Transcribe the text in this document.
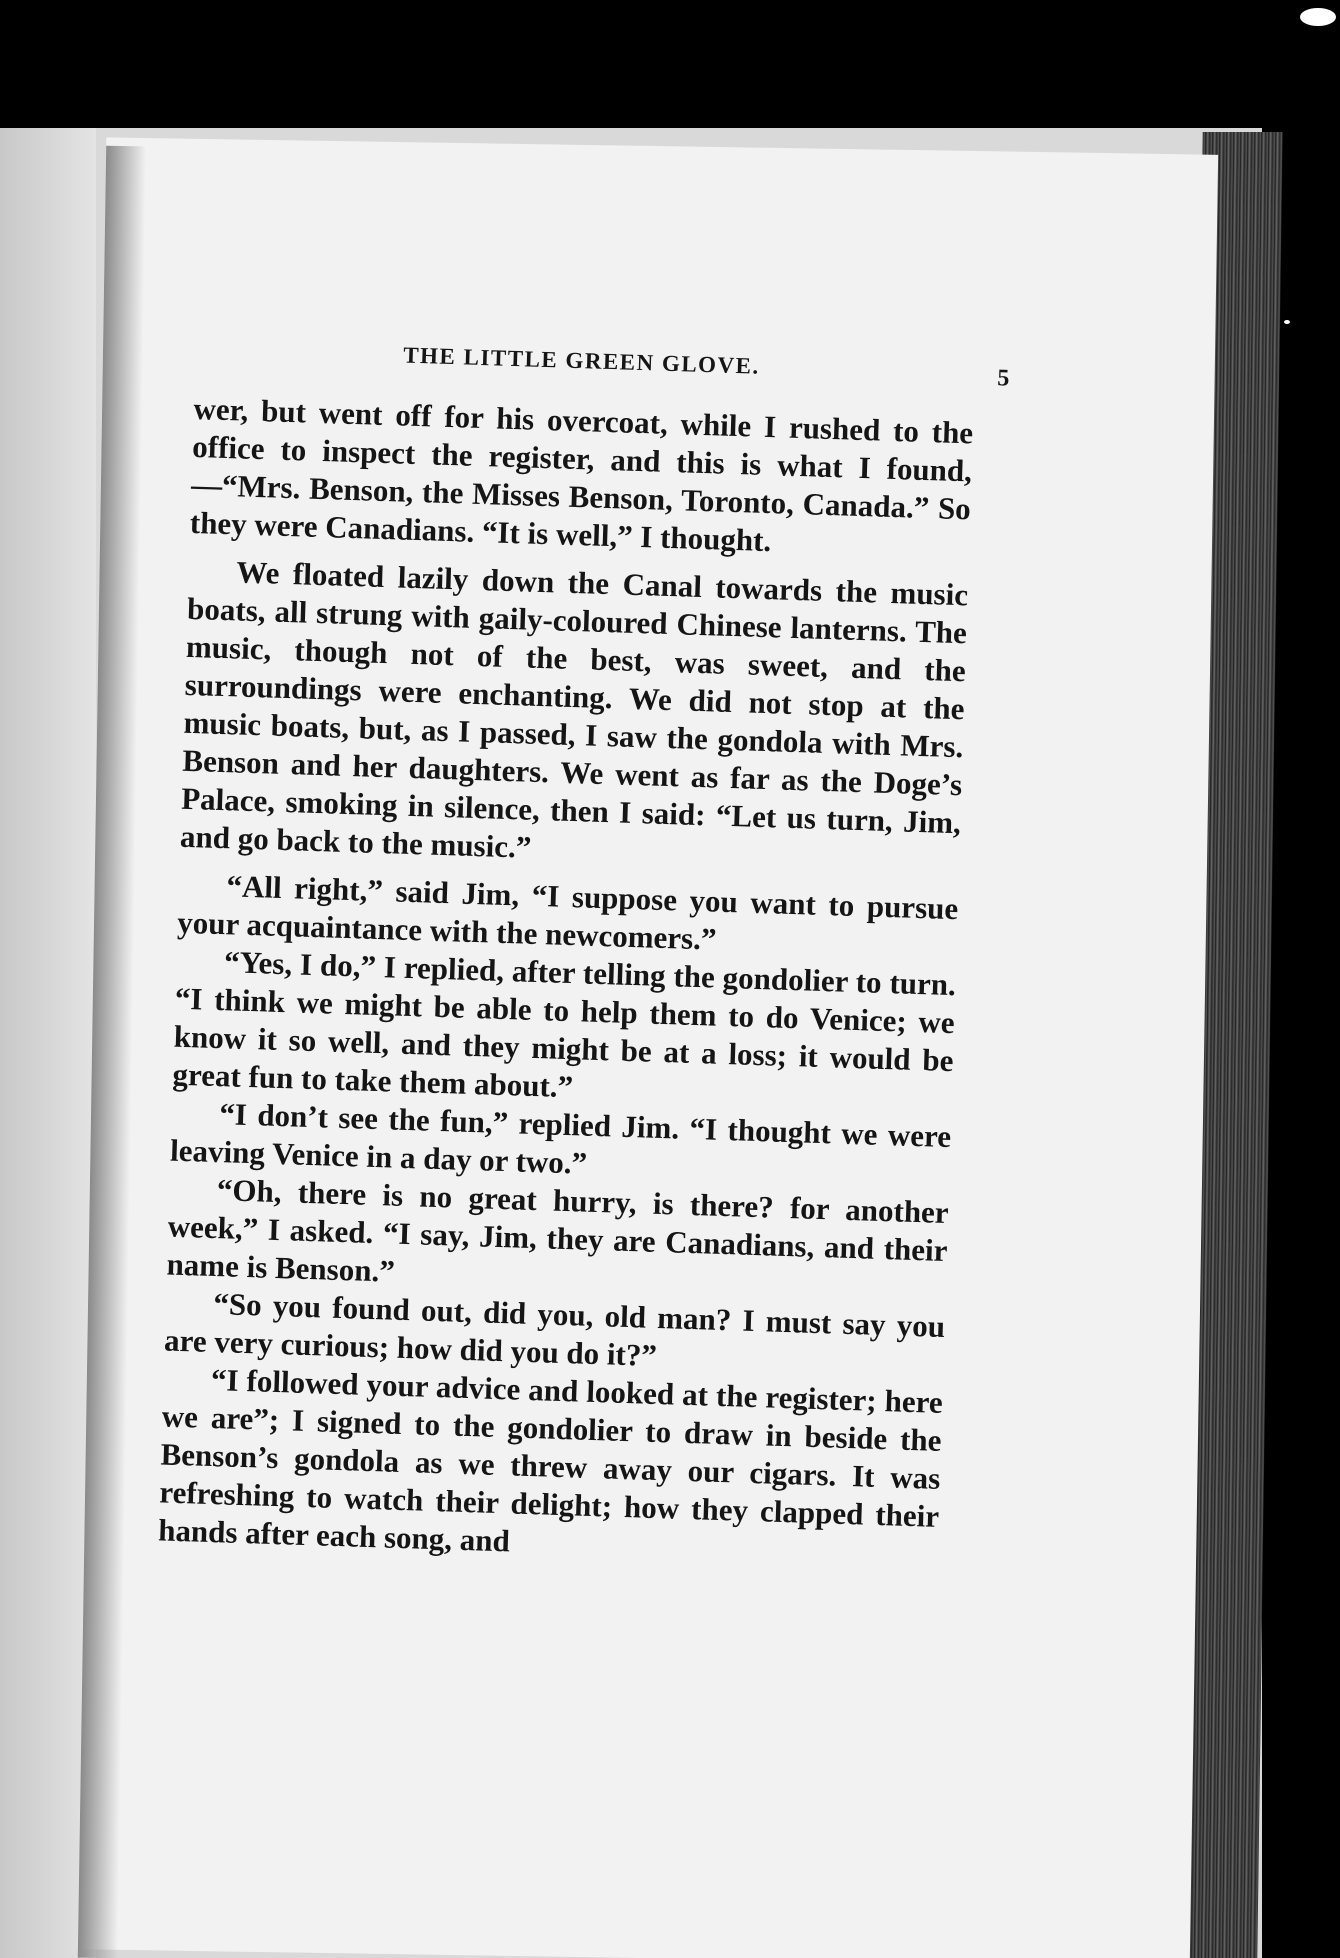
THE LITTLE GREEN GLOVE.	5

wer, but went off for his overcoat, while I rushed to the office to inspect the register, and this is what I found,—“Mrs. Benson, the Misses Benson, Toronto, Canada.” So they were Canadians. “It is well,” I thought.

We floated lazily down the Canal towards the music boats, all strung with gaily-coloured Chinese lanterns. The music, though not of the best, was sweet, and the surroundings were enchanting. We did not stop at the music boats, but, as I passed, I saw the gondola with Mrs. Benson and her daughters. We went as far as the Doge’s Palace, smoking in silence, then I said: “Let us turn, Jim, and go back to the music.”

“All right,” said Jim, “I suppose you want to pursue your acquaintance with the newcomers.”

“Yes, I do,” I replied, after telling the gondolier to turn. “I think we might be able to help them to do Venice; we know it so well, and they might be at a loss; it would be great fun to take them about.”

“I don’t see the fun,” replied Jim. “I thought we were leaving Venice in a day or two.”

“Oh, there is no great hurry, is there? for another week,” I asked. “I say, Jim, they are Canadians, and their name is Benson.”

“So you found out, did you, old man? I must say you are very curious; how did you do it?”

“I followed your advice and looked at the register; here we are”; I signed to the gondolier to draw in beside the Benson’s gondola as we threw away our cigars. It was refreshing to watch their delight; how they clapped their hands after each song, and
